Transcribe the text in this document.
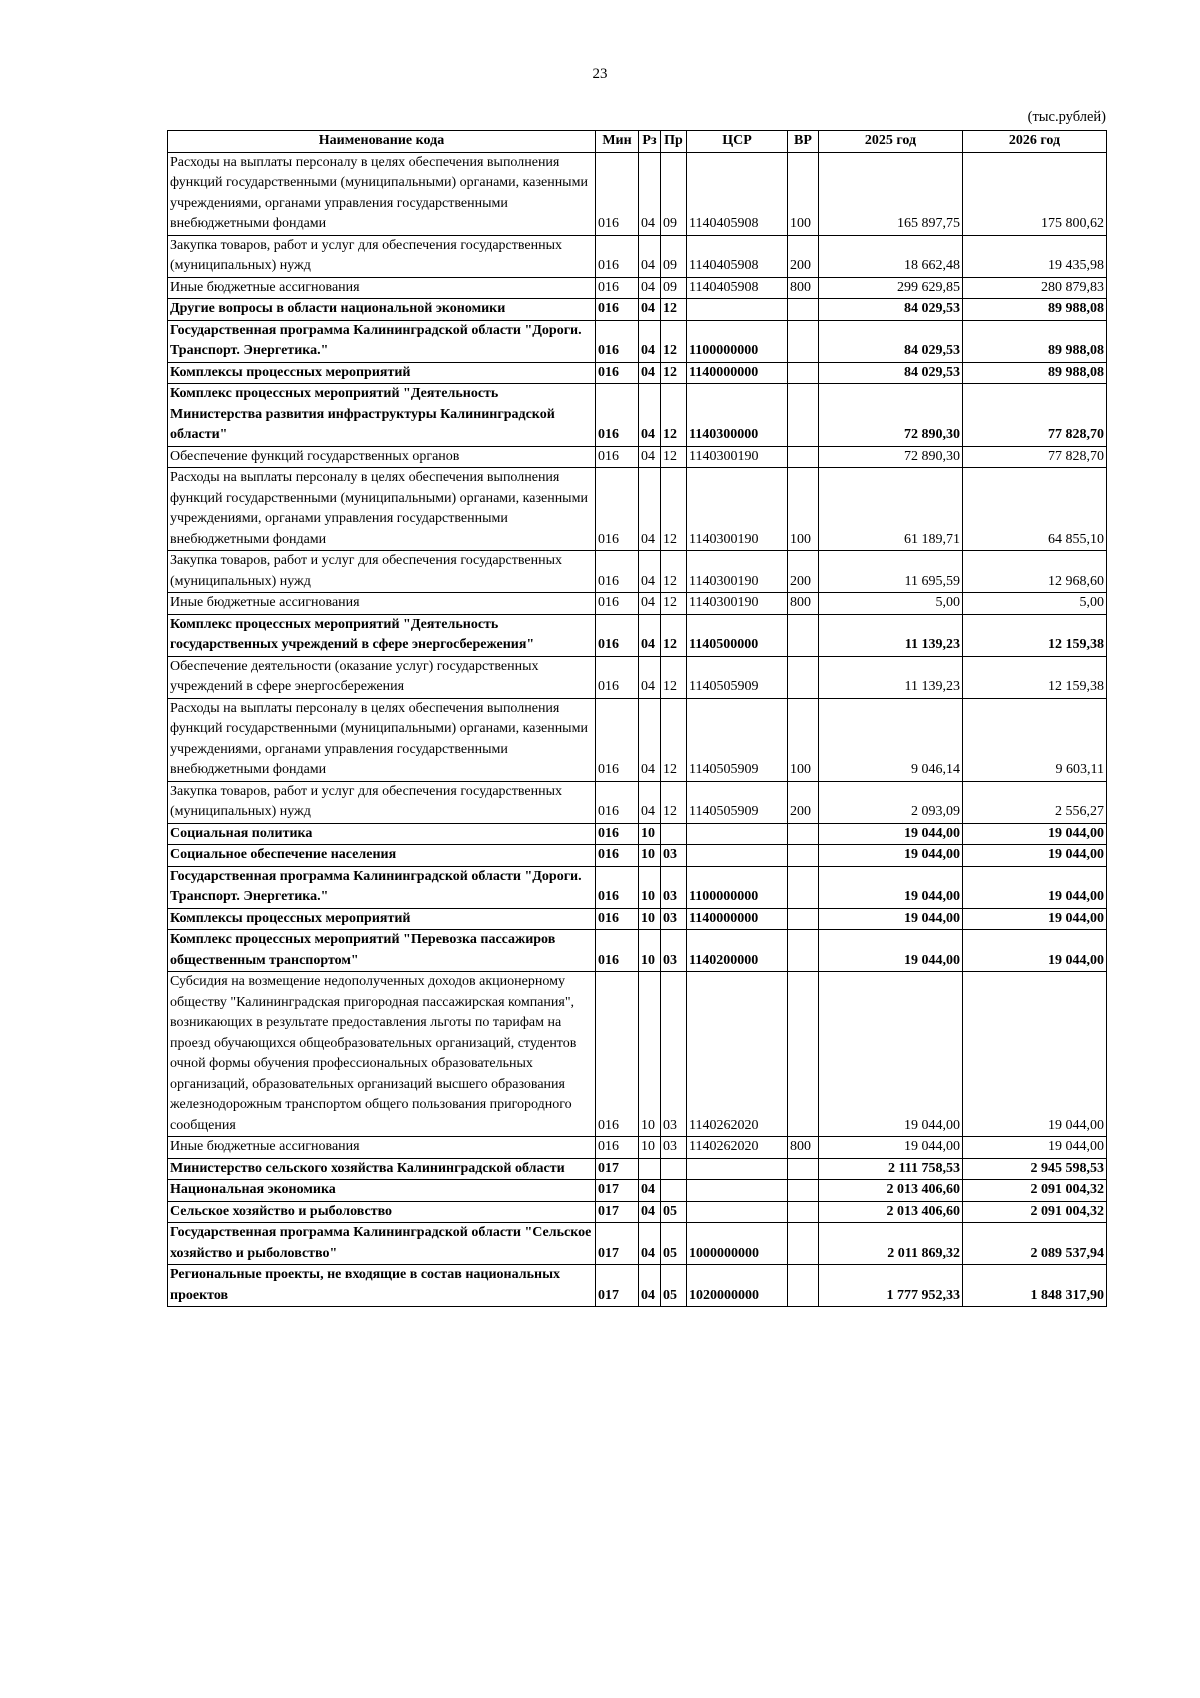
23
(тыс.рублей)
Наименование кода	Мин	Рз	Пр	ЦСР	ВР	2025 год	2026 год
Расходы на выплаты персоналу в целях обеспечения выполнения функций государственными (муниципальными) органами, казенными учреждениями, органами управления государственными внебюджетными фондами	016	04	09	1140405908	100	165 897,75	175 800,62
Закупка товаров, работ и услуг для обеспечения государственных (муниципальных) нужд	016	04	09	1140405908	200	18 662,48	19 435,98
Иные бюджетные ассигнования	016	04	09	1140405908	800	299 629,85	280 879,83
Другие вопросы в области национальной экономики	016	04	12			84 029,53	89 988,08
Государственная программа Калининградской области "Дороги. Транспорт. Энергетика."	016	04	12	1100000000		84 029,53	89 988,08
Комплексы процессных мероприятий	016	04	12	1140000000		84 029,53	89 988,08
Комплекс процессных мероприятий "Деятельность Министерства развития инфраструктуры Калининградской области"	016	04	12	1140300000		72 890,30	77 828,70
Обеспечение функций государственных органов	016	04	12	1140300190		72 890,30	77 828,70
Расходы на выплаты персоналу в целях обеспечения выполнения функций государственными (муниципальными) органами, казенными учреждениями, органами управления государственными внебюджетными фондами	016	04	12	1140300190	100	61 189,71	64 855,10
Закупка товаров, работ и услуг для обеспечения государственных (муниципальных) нужд	016	04	12	1140300190	200	11 695,59	12 968,60
Иные бюджетные ассигнования	016	04	12	1140300190	800	5,00	5,00
Комплекс процессных мероприятий "Деятельность государственных учреждений в сфере энергосбережения"	016	04	12	1140500000		11 139,23	12 159,38
Обеспечение деятельности (оказание услуг) государственных учреждений в сфере энергосбережения	016	04	12	1140505909		11 139,23	12 159,38
Расходы на выплаты персоналу в целях обеспечения выполнения функций государственными (муниципальными) органами, казенными учреждениями, органами управления государственными внебюджетными фондами	016	04	12	1140505909	100	9 046,14	9 603,11
Закупка товаров, работ и услуг для обеспечения государственных (муниципальных) нужд	016	04	12	1140505909	200	2 093,09	2 556,27
Социальная политика	016	10				19 044,00	19 044,00
Социальное обеспечение населения	016	10	03			19 044,00	19 044,00
Государственная программа Калининградской области "Дороги. Транспорт. Энергетика."	016	10	03	1100000000		19 044,00	19 044,00
Комплексы процессных мероприятий	016	10	03	1140000000		19 044,00	19 044,00
Комплекс процессных мероприятий "Перевозка пассажиров общественным транспортом"	016	10	03	1140200000		19 044,00	19 044,00
Субсидия на возмещение недополученных доходов акционерному обществу "Калининградская пригородная пассажирская компания", возникающих в результате предоставления льготы по тарифам на проезд обучающихся общеобразовательных организаций, студентов очной формы обучения профессиональных образовательных организаций, образовательных организаций высшего образования железнодорожным транспортом общего пользования пригородного сообщения	016	10	03	1140262020		19 044,00	19 044,00
Иные бюджетные ассигнования	016	10	03	1140262020	800	19 044,00	19 044,00
Министерство сельского хозяйства Калининградской области	017					2 111 758,53	2 945 598,53
Национальная экономика	017	04				2 013 406,60	2 091 004,32
Сельское хозяйство и рыболовство	017	04	05			2 013 406,60	2 091 004,32
Государственная программа Калининградской области "Сельское хозяйство и рыболовство"	017	04	05	1000000000		2 011 869,32	2 089 537,94
Региональные проекты, не входящие в состав национальных проектов	017	04	05	1020000000		1 777 952,33	1 848 317,90
